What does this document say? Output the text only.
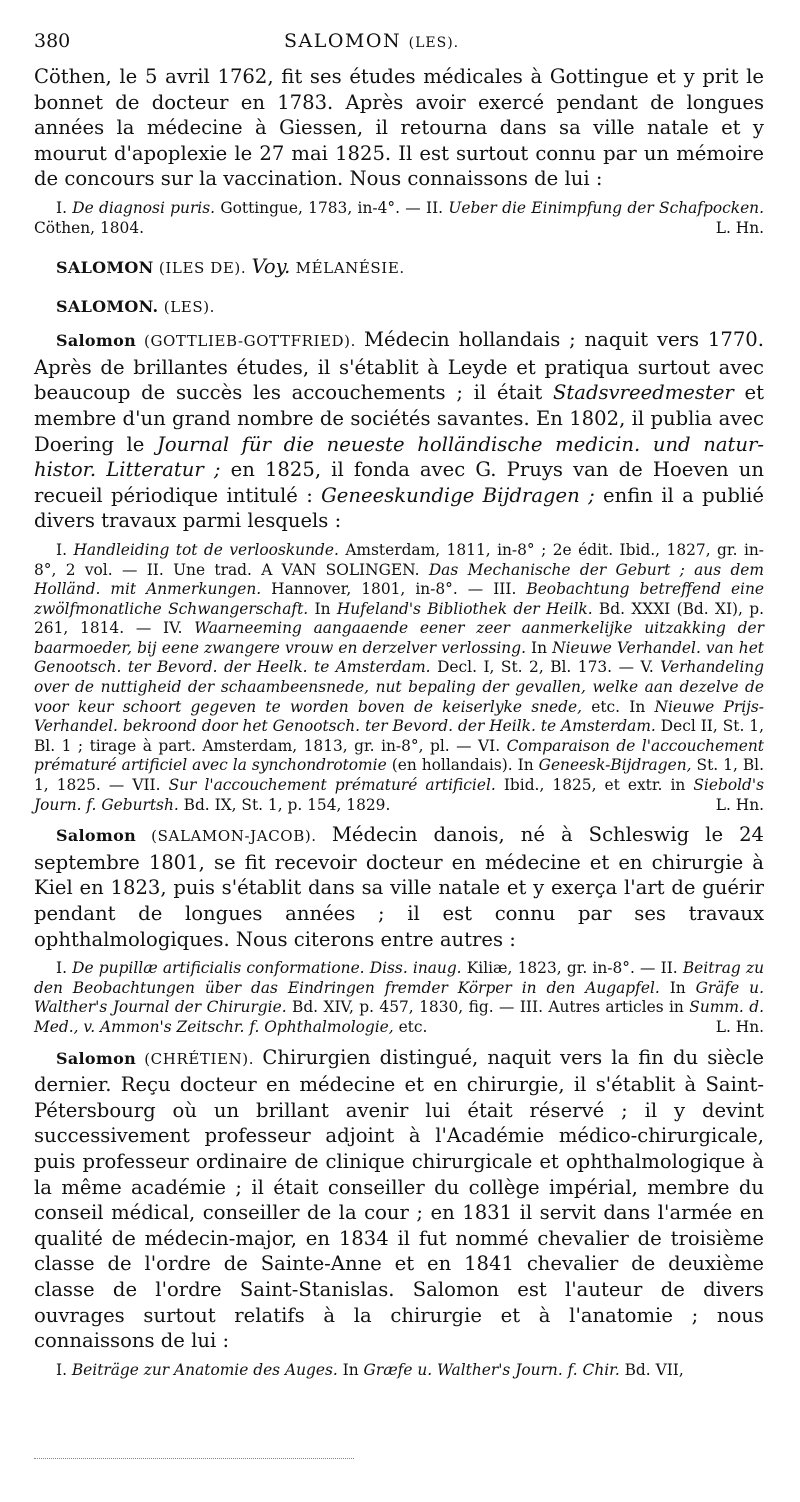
380	SALOMON (LES).

Cöthen, le 5 avril 1762, fit ses études médicales à Gottingue et y prit le bonnet de docteur en 1783. Après avoir exercé pendant de longues années la médecine à Giessen, il retourna dans sa ville natale et y mourut d'apoplexie le 27 mai 1825. Il est surtout connu par un mémoire de concours sur la vaccination. Nous connaissons de lui :

I. De diagnosi puris. Gottingue, 1783, in-4°. — II. Ueber die Einimpfung der Schafpocken. Cöthen, 1804.	L. Hn.

SALOMON (ILES DE). Voy. MÉLANÉSIE.

SALOMON. (LES).

Salomon (GOTTLIEB-GOTTFRIED). Médecin hollandais ; naquit vers 1770. Après de brillantes études, il s'établit à Leyde et pratiqua surtout avec beaucoup de succès les accouchements ; il était Stadsvreedmester et membre d'un grand nombre de sociétés savantes. En 1802, il publia avec Doering le Journal für die neueste holländische medicin. und natur-histor. Litteratur ; en 1825, il fonda avec G. Pruys van de Hoeven un recueil périodique intitulé : Geneeskundige Bijdragen ; enfin il a publié divers travaux parmi lesquels :

I. Handleiding tot de verlooskunde. Amsterdam, 1811, in-8° ; 2e édit. Ibid., 1827, gr. in-8°, 2 vol. — II. Une trad. A VAN SOLINGEN. Das Mechanische der Geburt ; aus dem Holländ. mit Anmerkungen. Hannover, 1801, in-8°. — III. Beobachtung betreffend eine zwölfmonatliche Schwangerschaft. In Hufeland's Bibliothek der Heilk. Bd. XXXI (Bd. XI), p. 261, 1814. — IV. Waarneeming aangaaende eener zeer aanmerkelijke uitzakking der baarmoeder, bij eene zwangere vrouw en derzelver verlossing. In Nieuwe Verhandel. van het Genootsch. ter Bevord. der Heelk. te Amsterdam. Decl. I, St. 2, Bl. 173. — V. Verhandeling over de nuttigheid der schaambeensnede, nut bepaling der gevallen, welke aan dezelve de voor keur schoort gegeven te worden boven de keiserlyke snede, etc. In Nieuwe Prijs-Verhandel. bekroond door het Genootsch. ter Bevord. der Heilk. te Amsterdam. Decl II, St. 1, Bl. 1 ; tirage à part. Amsterdam, 1813, gr. in-8°, pl. — VI. Comparaison de l'accouchement prématuré artificiel avec la synchondrotomie (en hollandais). In Geneesk-Bijdragen, St. 1, Bl. 1, 1825. — VII. Sur l'accouchement prématuré artificiel. Ibid., 1825, et extr. in Siebold's Journ. f. Geburtsh. Bd. IX, St. 1, p. 154, 1829.	L. Hn.

Salomon (SALAMON-JACOB). Médecin danois, né à Schleswig le 24 septembre 1801, se fit recevoir docteur en médecine et en chirurgie à Kiel en 1823, puis s'établit dans sa ville natale et y exerça l'art de guérir pendant de longues années ; il est connu par ses travaux ophthalmologiques. Nous citerons entre autres :

I. De pupillæ artificialis conformatione. Diss. inaug. Kiliæ, 1823, gr. in-8°. — II. Beitrag zu den Beobachtungen über das Eindringen fremder Körper in den Augapfel. In Gräfe u. Walther's Journal der Chirurgie. Bd. XIV, p. 457, 1830, fig. — III. Autres articles in Summ. d. Med., v. Ammon's Zeitschr. f. Ophthalmologie, etc.	L. Hn.

Salomon (CHRÉTIEN). Chirurgien distingué, naquit vers la fin du siècle dernier. Reçu docteur en médecine et en chirurgie, il s'établit à Saint-Pétersbourg où un brillant avenir lui était réservé ; il y devint successivement professeur adjoint à l'Académie médico-chirurgicale, puis professeur ordinaire de clinique chirurgicale et ophthalmologique à la même académie ; il était conseiller du collège impérial, membre du conseil médical, conseiller de la cour ; en 1831 il servit dans l'armée en qualité de médecin-major, en 1834 il fut nommé chevalier de troisième classe de l'ordre de Sainte-Anne et en 1841 chevalier de deuxième classe de l'ordre Saint-Stanislas. Salomon est l'auteur de divers ouvrages surtout relatifs à la chirurgie et à l'anatomie ; nous connaissons de lui :

I. Beiträge zur Anatomie des Auges. In Græfe u. Walther's Journ. f. Chir. Bd. VII,
